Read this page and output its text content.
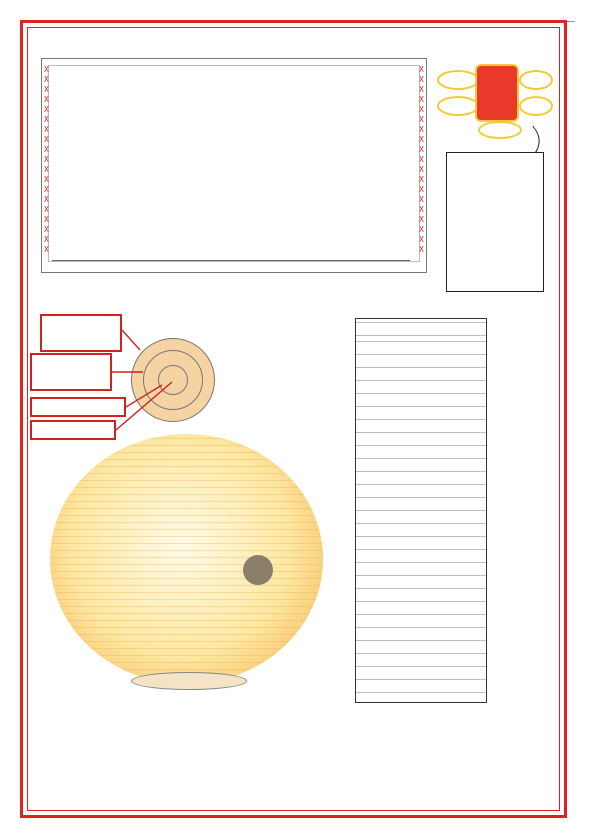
XXXXXXXXXXXXXXXXXXX
XXXXXXXXXXXXXXXXXXX
